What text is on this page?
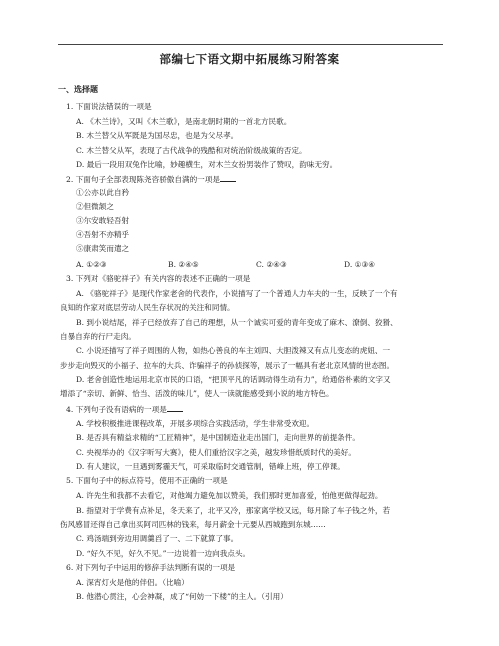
部编七下语文期中拓展练习附答案
一、选择题
1. 下面说法错误的一项是
A. 《木兰诗》，又叫《木兰歌》，是南北朝时期的一首北方民歌。
B. 木兰替父从军既是为国尽忠，也是为父尽孝。
C. 木兰替父从军，表现了古代战争的残酷和对统治阶级战策的否定。
D. 最后一段用双兔作比喻，妙趣横生，对木兰女扮男装作了赞叹，韵味无穷。
2. 下面句子全部表现陈尧咨骄傲自满的一项是
①公亦以此自矜
②但微颔之
③尔安敢轻吾射
④吾射不亦精乎
⑤康肃笑而遣之
A. ①②③	B. ②④⑤	C. ②④③	D. ①③④
3. 下列对《骆驼祥子》有关内容的表述不正确的一项是
A. 《骆驼祥子》是现代作家老舍的代表作，小说描写了一个普通人力车夫的一生，反映了一个有
良知的作家对底层劳动人民生存状况的关注和同情。
B. 到小说结尾，祥子已经放弃了自己的理想，从一个诚实可爱的青年变成了麻木、潦倒、狡猾、
自暴自弃的行尸走肉。
C. 小说还描写了祥子周围的人物，如热心善良的车主刘四、大胆泼辣又有点儿变态的虎妞、一
步步走向毁灭的小福子、拉车的大兵、诈骗祥子的孙侦探等，展示了一幅具有老北京风情的世态图。
D. 老舍创造性地运用北京市民的口语，“把顶平凡的话调动得生动有力”，给通俗朴素的文字又
增添了“亲切、新鲜、恰当、活泼的味儿”，使人一读就能感受到小说的地方特色。
4. 下列句子没有语病的一项是
A. 学校积极推进课程改革，开展多项综合实践活动，学生非常受欢迎。
B. 是否具有精益求精的“工匠精神”，是中国制造业走出国门，走向世界的前提条件。
C. 央视举办的《汉字听写大赛》，使人们重拾汉字之美，越发珍惜纸质时代的美好。
D. 有人建议，一旦遇到雾霾天气，可采取临时交通管制，错峰上班，停工停课。
5. 下面句子中的标点符号，使用不正确的一项是
A. 许先生和我都不去看它，对他竭力避免加以赞美，我们那时更加喜爱，怕他更做得起劲。
B. 指望对于学费有点补足，冬天来了，北平又冷，那家离学校又远，每月除了车子钱之外，若
伤风感冒还得自己拿出买阿司匹林的钱来，每月薪金十元要从西城跑到东城……
C. 鸡汤端到旁边用调羹舀了一、二下就算了事。
D. “好久不见，好久不见。”一边说着一边向我点头。
6. 对下列句子中运用的修辞手法判断有误的一项是
A. 深宵灯火是他的伴侣。（比喻）
B. 他潜心贯注，心会神凝，成了“何妨一下楼”的主人。（引用）
